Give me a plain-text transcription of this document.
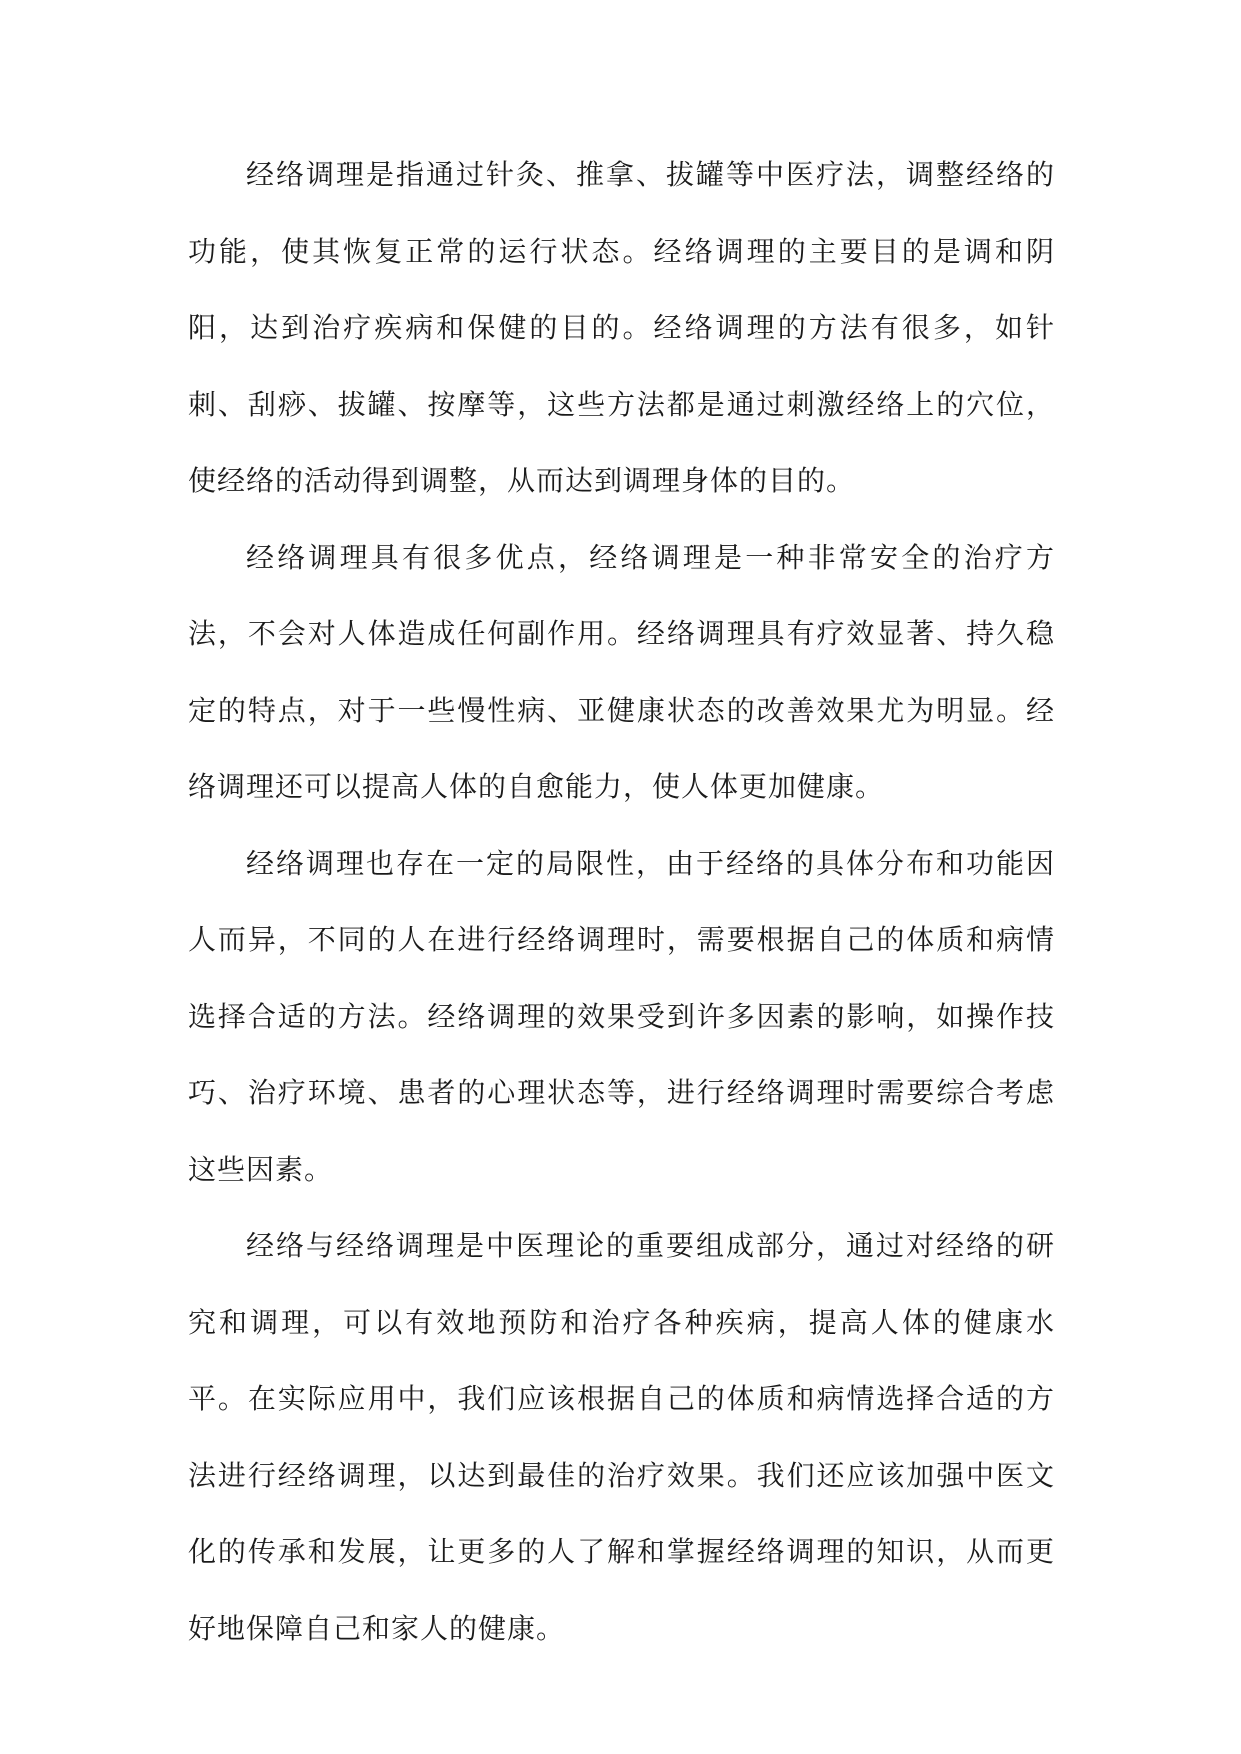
经络调理是指通过针灸、推拿、拔罐等中医疗法，调整经络的功能，使其恢复正常的运行状态。经络调理的主要目的是调和阴阳，达到治疗疾病和保健的目的。经络调理的方法有很多，如针刺、刮痧、拔罐、按摩等，这些方法都是通过刺激经络上的穴位，使经络的活动得到调整，从而达到调理身体的目的。

经络调理具有很多优点，经络调理是一种非常安全的治疗方法，不会对人体造成任何副作用。经络调理具有疗效显著、持久稳定的特点，对于一些慢性病、亚健康状态的改善效果尤为明显。经络调理还可以提高人体的自愈能力，使人体更加健康。

经络调理也存在一定的局限性，由于经络的具体分布和功能因人而异，不同的人在进行经络调理时，需要根据自己的体质和病情选择合适的方法。经络调理的效果受到许多因素的影响，如操作技巧、治疗环境、患者的心理状态等，进行经络调理时需要综合考虑这些因素。

经络与经络调理是中医理论的重要组成部分，通过对经络的研究和调理，可以有效地预防和治疗各种疾病，提高人体的健康水平。在实际应用中，我们应该根据自己的体质和病情选择合适的方法进行经络调理，以达到最佳的治疗效果。我们还应该加强中医文化的传承和发展，让更多的人了解和掌握经络调理的知识，从而更好地保障自己和家人的健康。
